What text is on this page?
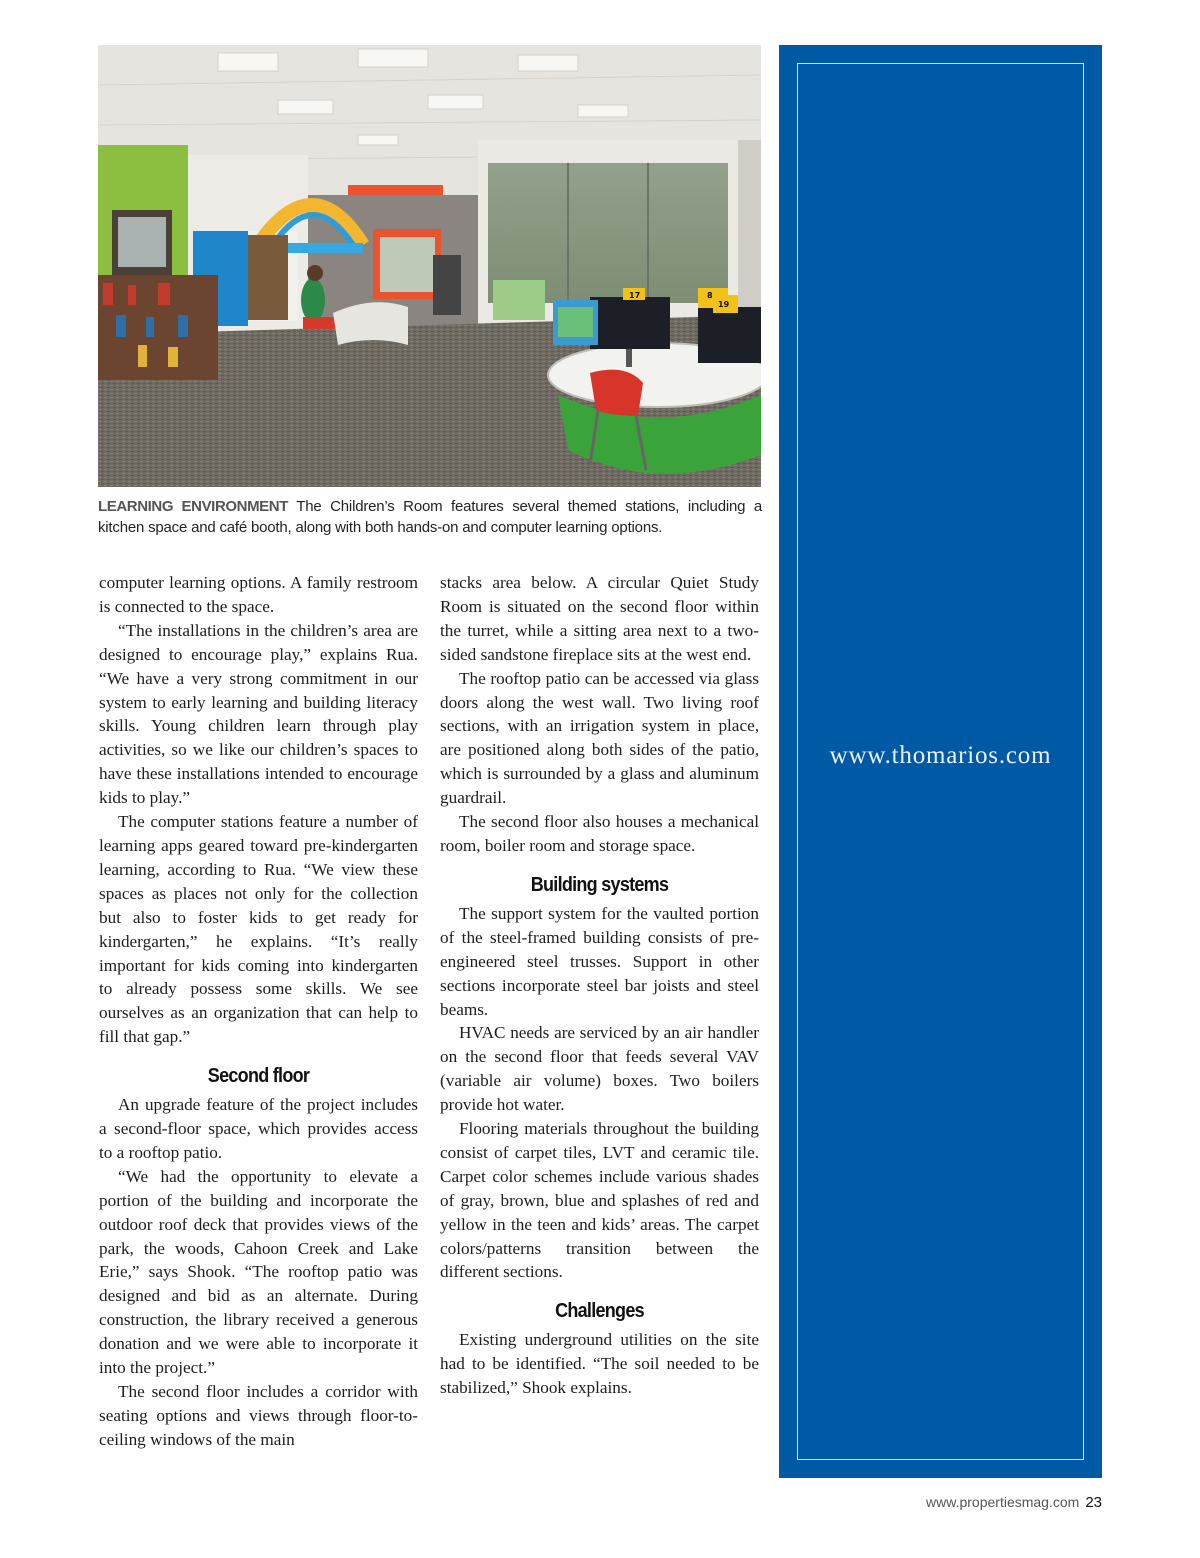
17	8
19
LEARNING ENVIRONMENT The Children’s Room features several themed stations, including a kitchen space and café booth, along with both hands-on and computer learning options.

computer learning options. A family restroom is connected to the space.

“The installations in the children’s area are designed to encourage play,” explains Rua. “We have a very strong commitment in our system to early learning and building literacy skills. Young children learn through play activities, so we like our children’s spaces to have these installations intended to encourage kids to play.”

The computer stations feature a number of learning apps geared toward pre-kindergarten learning, according to Rua. “We view these spaces as places not only for the collection but also to foster kids to get ready for kindergarten,” he explains. “It’s really important for kids coming into kindergarten to already possess some skills. We see ourselves as an organization that can help to fill that gap.”

Second floor

An upgrade feature of the project includes a second-floor space, which provides access to a rooftop patio.

“We had the opportunity to elevate a portion of the building and incorporate the outdoor roof deck that provides views of the park, the woods, Cahoon Creek and Lake Erie,” says Shook. “The rooftop patio was designed and bid as an alternate. During construction, the library received a generous donation and we were able to incorporate it into the project.”

The second floor includes a corridor with seating options and views through floor-to-ceiling windows of the main

stacks area below. A circular Quiet Study Room is situated on the second floor within the turret, while a sitting area next to a two-sided sandstone fireplace sits at the west end.

The rooftop patio can be accessed via glass doors along the west wall. Two living roof sections, with an irrigation system in place, are positioned along both sides of the patio, which is surrounded by a glass and aluminum guardrail.

The second floor also houses a mechanical room, boiler room and storage space.

Building systems

The support system for the vaulted portion of the steel-framed building consists of pre-engineered steel trusses. Support in other sections incorporate steel bar joists and steel beams.

HVAC needs are serviced by an air handler on the second floor that feeds several VAV (variable air volume) boxes. Two boilers provide hot water.

Flooring materials throughout the building consist of carpet tiles, LVT and ceramic tile. Carpet color schemes include various shades of gray, brown, blue and splashes of red and yellow in the teen and kids’ areas. The carpet colors/patterns transition between the different sections.

Challenges

Existing underground utilities on the site had to be identified. “The soil needed to be stabilized,” Shook explains.

www.thomarios.com
www.propertiesmag.com 23
